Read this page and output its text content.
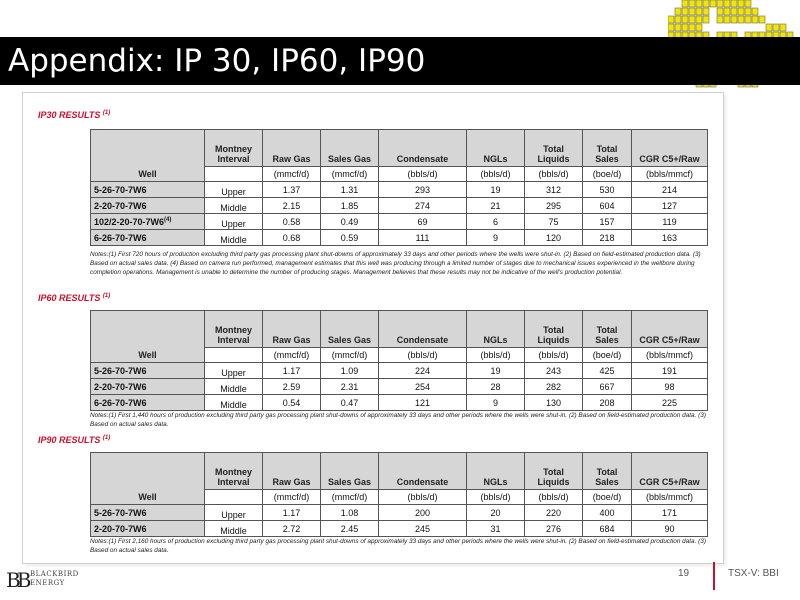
Appendix: IP 30, IP60, IP90
IP30 RESULTS $^{(1)}$
Well	Montney Interval	Raw Gas	Sales Gas	Condensate	NGLs	Total Liquids	Total Sales	CGR C5+/Raw

		(mmcf/d)	(mmcf/d)	(bbls/d)	(bbls/d)	(bbls/d)	(boe/d)	(bbls/mmcf)
5-26-70-7W6	Upper	1.37	1.31	293	19	312	530	214
2-20-70-7W6	Middle	2.15	1.85	274	21	295	604	127
102/2-20-70-7W6$^{(4)}$	Upper	0.58	0.49	69	6	75	157	119
6-26-70-7W6	Middle	0.68	0.59	111	9	120	218	163
Notes:(1) First 720 hours of production excluding third party gas processing plant shut-downs of approximately 33 days and other periods where the wells were shut-in. (2) Based on field-estimated production data. (3) Based on actual sales data. (4) Based on camera run performed, management estimates that this well was producing through a limited number of stages due to mechanical issues experienced in the wellbore during completion operations. Management is unable to determine the number of producing stages. Management believes that these results may not be indicative of the well's production potential.
IP60 RESULTS $^{(1)}$
Well	Montney Interval	Raw Gas	Sales Gas	Condensate	NGLs	Total Liquids	Total Sales	CGR C5+/Raw

		(mmcf/d)	(mmcf/d)	(bbls/d)	(bbls/d)	(bbls/d)	(boe/d)	(bbls/mmcf)
5-26-70-7W6	Upper	1.17	1.09	224	19	243	425	191
2-20-70-7W6	Middle	2.59	2.31	254	28	282	667	98
6-26-70-7W6	Middle	0.54	0.47	121	9	130	208	225
Notes:(1) First 1,440 hours of production excluding third party gas processing plant shut-downs of approximately 33 days and other periods where the wells were shut-in. (2) Based on field-estimated production data. (3) Based on actual sales data.
IP90 RESULTS $^{(1)}$
Well	Montney Interval	Raw Gas	Sales Gas	Condensate	NGLs	Total Liquids	Total Sales	CGR C5+/Raw

		(mmcf/d)	(mmcf/d)	(bbls/d)	(bbls/d)	(bbls/d)	(boe/d)	(bbls/mmcf)
5-26-70-7W6	Upper	1.17	1.08	200	20	220	400	171
2-20-70-7W6	Middle	2.72	2.45	245	31	276	684	90
Notes:(1) First 2,160 hours of production excluding third party gas processing plant shut-downs of approximately 33 days and other periods where the wells were shut-in. (2) Based on field-estimated production data. (3) Based on actual sales data.
BB BLACKBIRD
ENERGY
19	TSX-V: BBI
